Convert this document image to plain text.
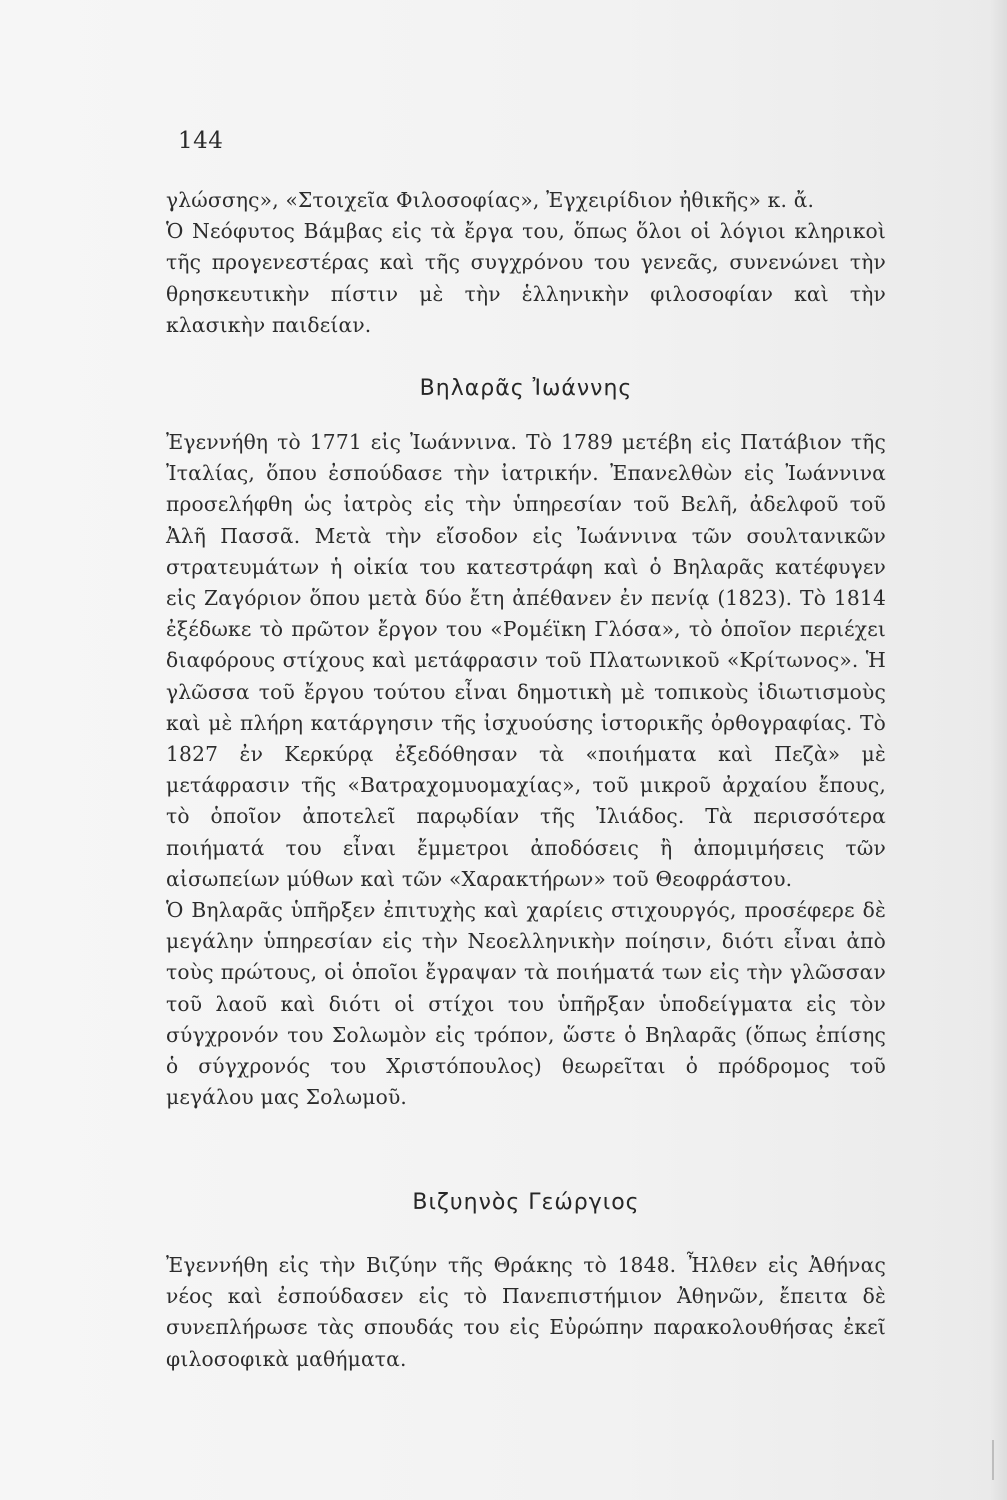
144

γλώσσης», «Στοιχεῖα Φιλοσοφίας», Ἐγχειρίδιον ἠθικῆς» κ. ἄ.

Ὁ Νεόφυτος Βάμβας εἰς τὰ ἔργα του, ὅπως ὅλοι οἱ λόγιοι κληρικοὶ τῆς προγενεστέρας καὶ τῆς συγχρόνου του γενεᾶς, συνενώνει τὴν θρησκευτικὴν πίστιν μὲ τὴν ἑλληνικὴν φιλοσοφίαν καὶ τὴν κλασικὴν παιδείαν.

Βηλαρᾶς Ἰωάννης

Ἐγεννήθη τὸ 1771 εἰς Ἰωάννινα. Τὸ 1789 μετέβη εἰς Πατάβιον τῆς Ἰταλίας, ὅπου ἐσπούδασε τὴν ἰατρικήν. Ἐπανελθὼν εἰς Ἰωάννινα προσελήφθη ὡς ἰατρὸς εἰς τὴν ὑπηρεσίαν τοῦ Βελῆ, ἀδελφοῦ τοῦ Ἀλῆ Πασσᾶ. Μετὰ τὴν εἴσοδον εἰς Ἰωάννινα τῶν σουλτανικῶν στρατευμάτων ἡ οἰκία του κατεστράφη καὶ ὁ Βηλαρᾶς κατέφυγεν εἰς Ζαγόριον ὅπου μετὰ δύο ἔτη ἀπέθανεν ἐν πενίᾳ (1823). Τὸ 1814 ἐξέδωκε τὸ πρῶτον ἔργον του «Ρομέϊκη Γλόσα», τὸ ὁποῖον περιέχει διαφόρους στίχους καὶ μετάφρασιν τοῦ Πλατωνικοῦ «Κρίτωνος». Ἡ γλῶσσα τοῦ ἔργου τούτου εἶναι δημοτικὴ μὲ τοπικοὺς ἰδιωτισμοὺς καὶ μὲ πλήρη κατάργησιν τῆς ἰσχυούσης ἱστορικῆς ὀρθογραφίας. Τὸ 1827 ἐν Κερκύρᾳ ἐξεδόθησαν τὰ «ποιήματα καὶ Πεζὰ» μὲ μετάφρασιν τῆς «Βατραχομυομαχίας», τοῦ μικροῦ ἀρχαίου ἔπους, τὸ ὁποῖον ἀποτελεῖ παρῳδίαν τῆς Ἰλιάδος. Τὰ περισσότερα ποιήματά του εἶναι ἔμμετροι ἀποδόσεις ἢ ἀπομιμήσεις τῶν αἰσωπείων μύθων καὶ τῶν «Χαρακτήρων» τοῦ Θεοφράστου.

Ὁ Βηλαρᾶς ὑπῆρξεν ἐπιτυχὴς καὶ χαρίεις στιχουργός, προσέφερε δὲ μεγάλην ὑπηρεσίαν εἰς τὴν Νεοελληνικὴν ποίησιν, διότι εἶναι ἀπὸ τοὺς πρώτους, οἱ ὁποῖοι ἔγραψαν τὰ ποιήματά των εἰς τὴν γλῶσσαν τοῦ λαοῦ καὶ διότι οἱ στίχοι του ὑπῆρξαν ὑποδείγματα εἰς τὸν σύγχρονόν του Σολωμὸν εἰς τρόπον, ὥστε ὁ Βηλαρᾶς (ὅπως ἐπίσης ὁ σύγχρονός του Χριστόπουλος) θεωρεῖται ὁ πρόδρομος τοῦ μεγάλου μας Σολωμοῦ.

Βιζυηνὸς Γεώργιος

Ἐγεννήθη εἰς τὴν Βιζύην τῆς Θράκης τὸ 1848. Ἦλθεν εἰς Ἀθήνας νέος καὶ ἐσπούδασεν εἰς τὸ Πανεπιστήμιον Ἀθηνῶν, ἔπειτα δὲ συνεπλήρωσε τὰς σπουδάς του εἰς Εὐρώπην παρακολουθήσας ἐκεῖ φιλοσοφικὰ μαθήματα.
